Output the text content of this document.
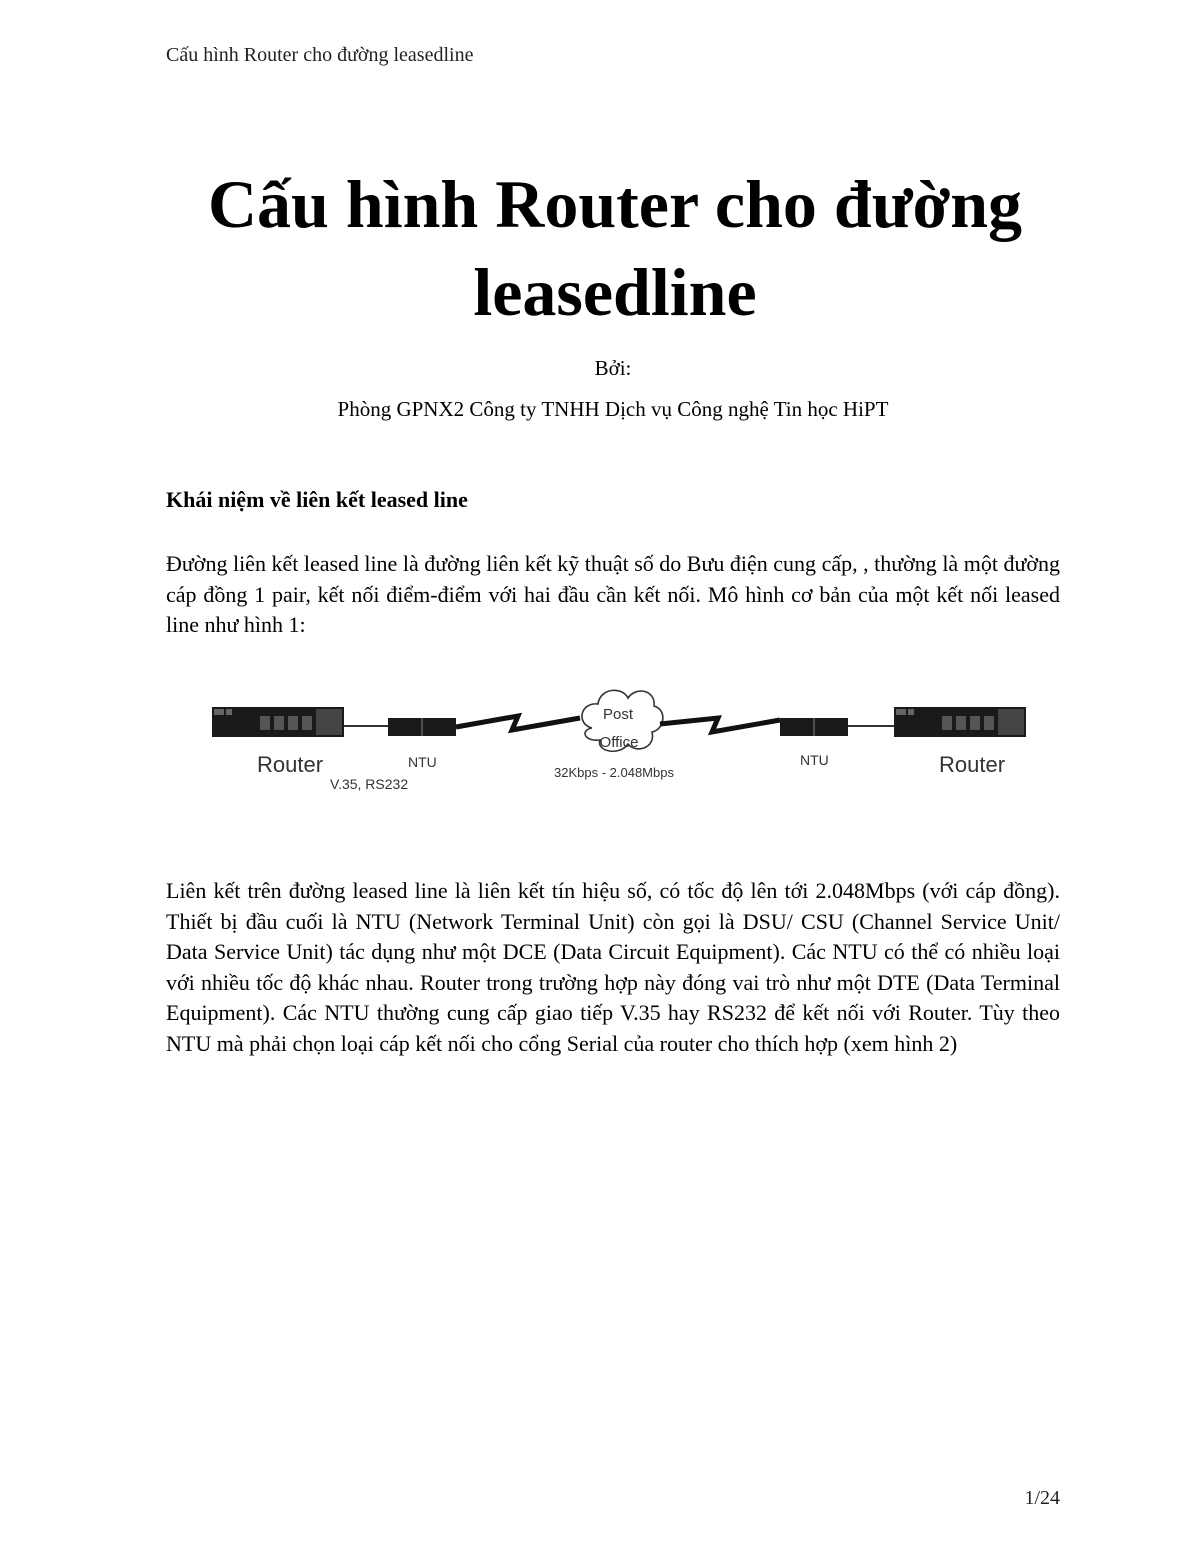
Cấu hình Router cho đường leasedline
Cấu hình Router cho đường leasedline
Bởi:
Phòng GPNX2 Công ty TNHH Dịch vụ Công nghệ Tin học HiPT
Khái niệm về liên kết leased line

Đường liên kết leased line là đường liên kết kỹ thuật số do Bưu điện cung cấp, , thường là một đường cáp đồng 1 pair, kết nối điểm-điểm với hai đầu cần kết nối. Mô hình cơ bản của một kết nối leased line như hình 1:

Post
Office
Router
V.35, RS232
NTU
32Kbps - 2.048Mbps
NTU	Router

Liên kết trên đường leased line là liên kết tín hiệu số, có tốc độ lên tới 2.048Mbps (với cáp đồng). Thiết bị đầu cuối là NTU (Network Terminal Unit) còn gọi là DSU/ CSU (Channel Service Unit/ Data Service Unit) tác dụng như một DCE (Data Circuit Equipment). Các NTU có thể có nhiều loại với nhiều tốc độ khác nhau. Router trong trường hợp này đóng vai trò như một DTE (Data Terminal Equipment). Các NTU thường cung cấp giao tiếp V.35 hay RS232 để kết nối với Router. Tùy theo NTU mà phải chọn loại cáp kết nối cho cổng Serial của router cho thích hợp (xem hình 2)

1/24
